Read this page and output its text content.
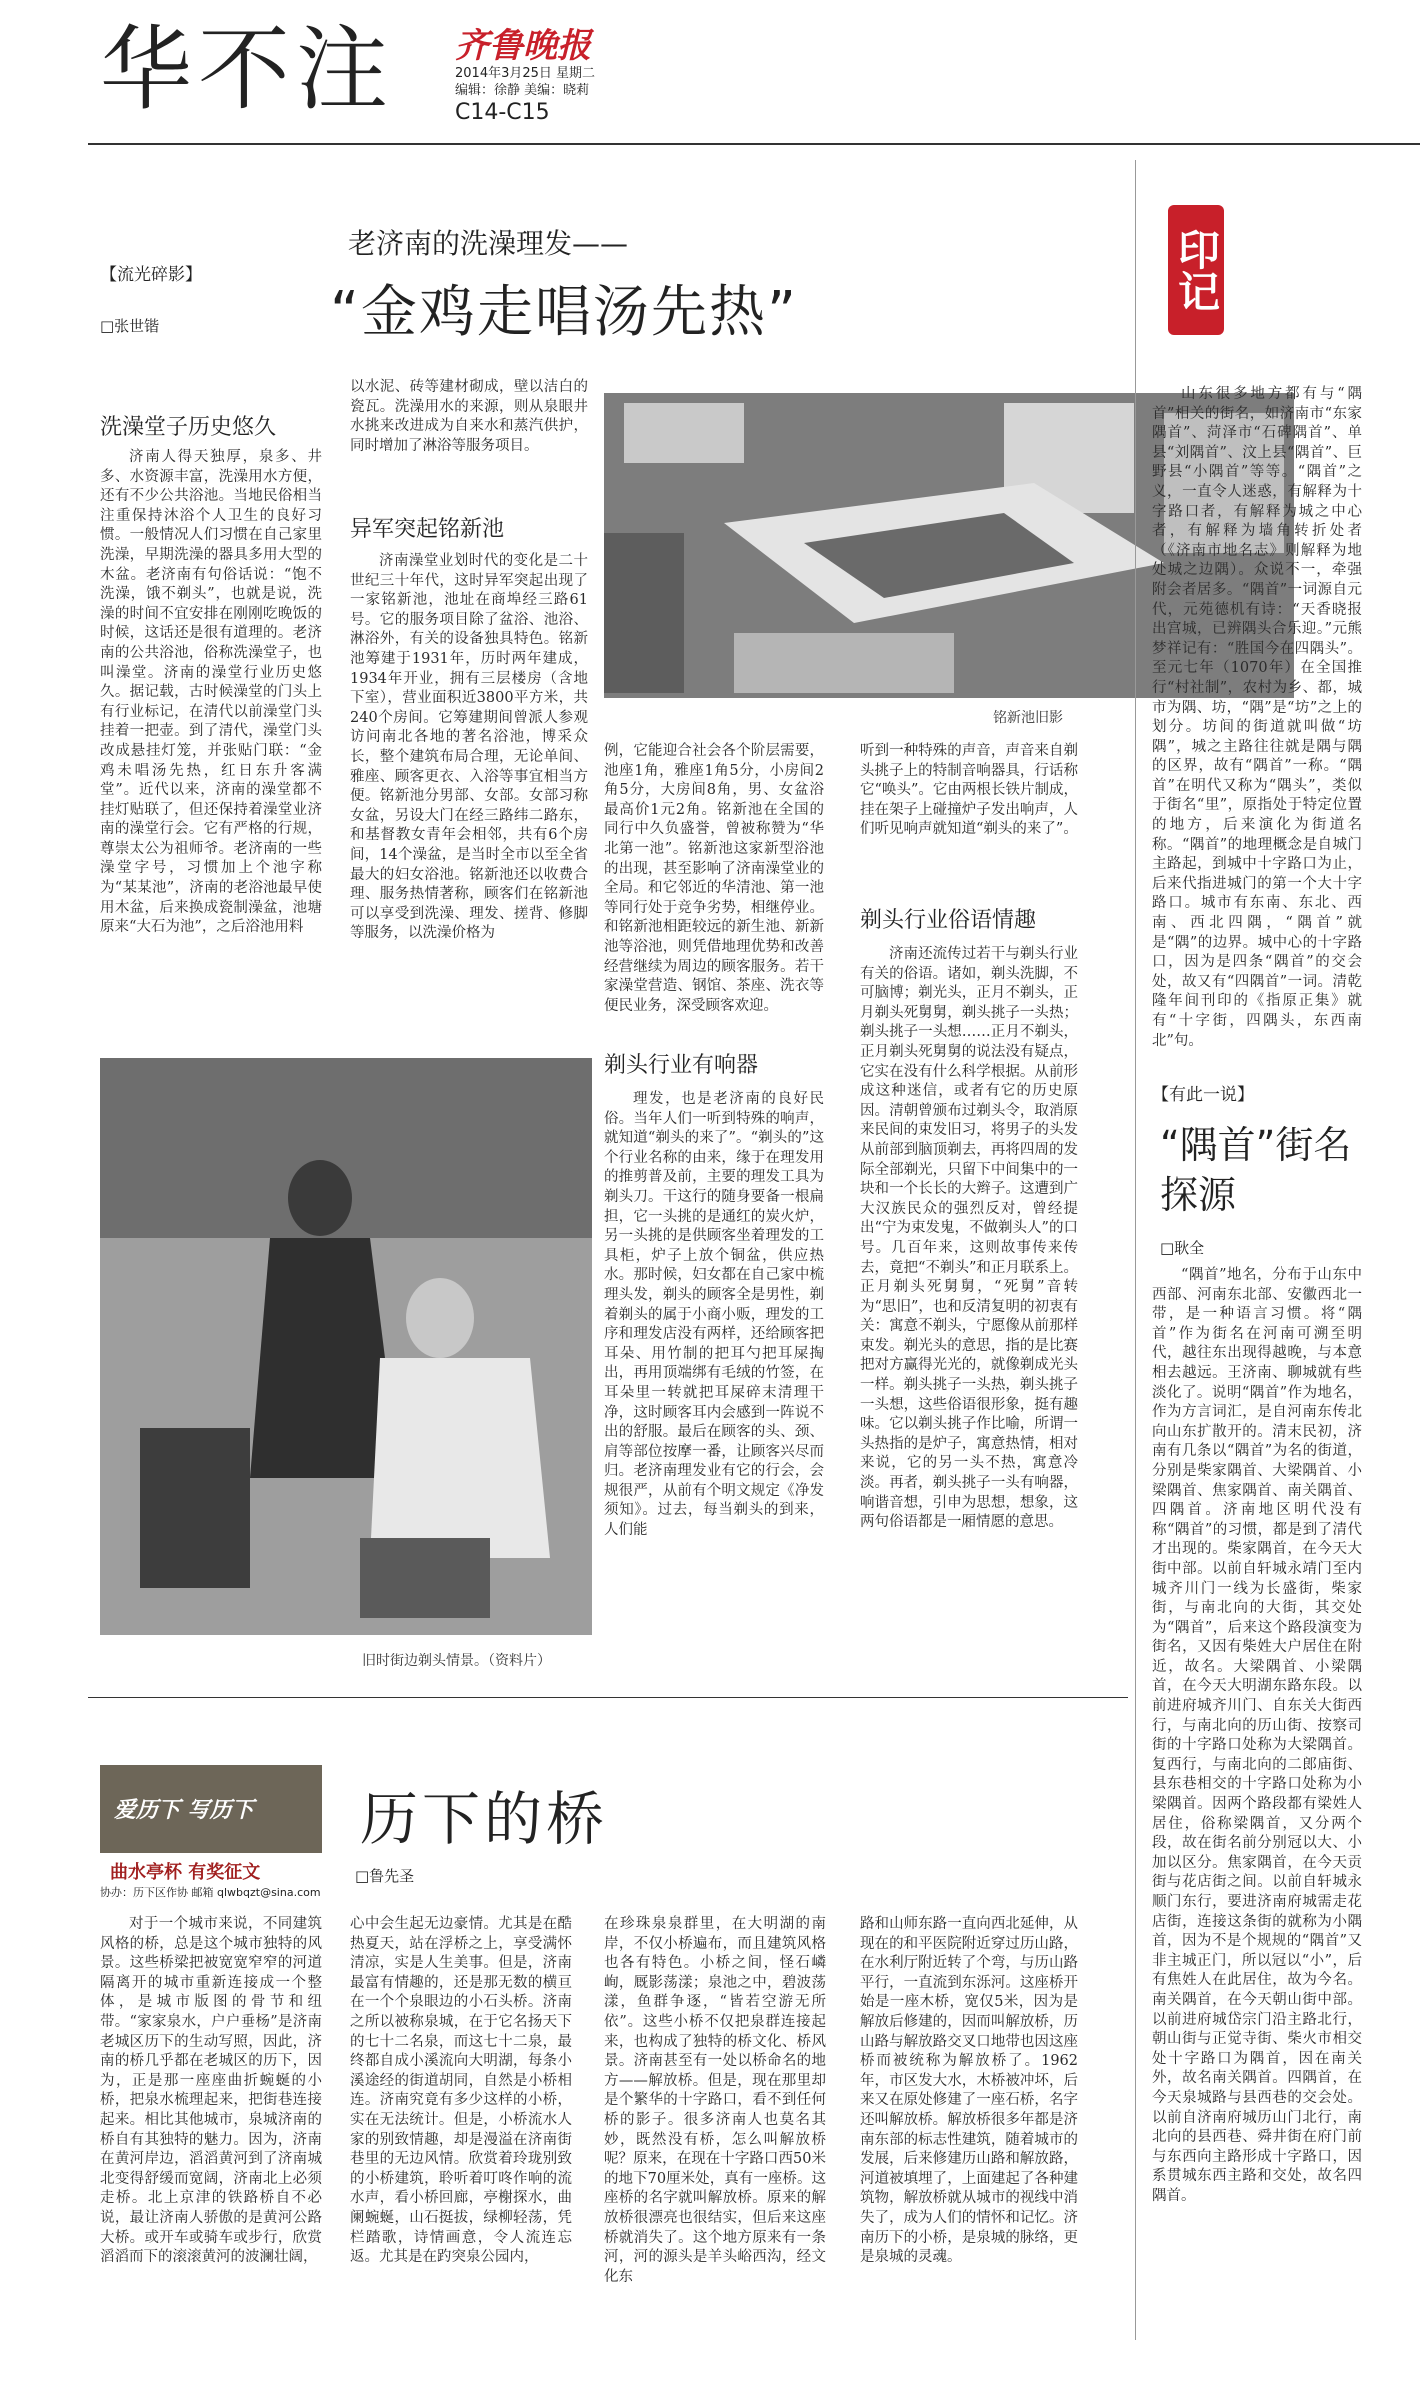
华不注 齐鲁晚报
2014年3月25日 星期二
编辑：徐静 美编：晓莉
C14-C15
【流光碎影】
□张世锴
老济南的洗澡理发——
“金鸡走唱汤先热”
洗澡堂子历史悠久

济南人得天独厚，泉多、井多、水资源丰富，洗澡用水方便，还有不少公共浴池。当地民俗相当注重保持沐浴个人卫生的良好习惯。一般情况人们习惯在自己家里洗澡，早期洗澡的器具多用大型的木盆。老济南有句俗话说：“饱不洗澡，饿不剃头”，也就是说，洗澡的时间不宜安排在刚刚吃晚饭的时候，这话还是很有道理的。老济南的公共浴池，俗称洗澡堂子，也叫澡堂。济南的澡堂行业历史悠久。据记载，古时候澡堂的门头上有行业标记，在清代以前澡堂门头挂着一把壶。到了清代，澡堂门头改成悬挂灯笼，并张贴门联：“金鸡未唱汤先热，红日东升客满堂”。近代以来，济南的澡堂都不挂灯贴联了，但还保持着澡堂业济南的澡堂行会。它有严格的行规，尊崇太公为祖师爷。老济南的一些澡堂字号，习惯加上个池字称为“某某池”，济南的老浴池最早使用木盆，后来换成瓷制澡盆，池塘原来“大石为池”，之后浴池用料

以水泥、砖等建材砌成，壁以洁白的瓷瓦。洗澡用水的来源，则从泉眼井水挑来改进成为自来水和蒸汽供护，同时增加了淋浴等服务项目。

异军突起铭新池

济南澡堂业划时代的变化是二十世纪三十年代，这时异军突起出现了一家铭新池，池址在商埠经三路61号。它的服务项目除了盆浴、池浴、淋浴外，有关的设备独具特色。铭新池筹建于1931年，历时两年建成，1934年开业，拥有三层楼房（含地下室），营业面积近3800平方米，共240个房间。它筹建期间曾派人参观访问南北各地的著名浴池，博采众长，整个建筑布局合理，无论单间、雅座、顾客更衣、入浴等事宜相当方便。铭新池分男部、女部。女部习称女盆，另设大门在经三路纬二路东，和基督教女青年会相邻，共有6个房间，14个澡盆，是当时全市以至全省最大的妇女浴池。铭新池还以收费合理、服务热情著称，顾客们在铭新池可以享受到洗澡、理发、搓背、修脚等服务，以洗澡价格为

铭新池旧影

例，它能迎合社会各个阶层需要，池座1角，雅座1角5分，小房间2角5分，大房间8角，男、女盆浴最高价1元2角。铭新池在全国的同行中久负盛誉，曾被称赞为“华北第一池”。铭新池这家新型浴池的出现，甚至影响了济南澡堂业的全局。和它邻近的华清池、第一池等同行处于竞争劣势，相继停业。和铭新池相距较远的新生池、新新池等浴池，则凭借地理优势和改善经营继续为周边的顾客服务。若干家澡堂营造、钢馆、茶座、洗衣等便民业务，深受顾客欢迎。

听到一种特殊的声音，声音来自剃头挑子上的特制音响器具，行话称它“唤头”。它由两根长铁片制成，挂在架子上碰撞炉子发出响声，人们听见响声就知道“剃头的来了”。

剃头行业俗语情趣

济南还流传过若干与剃头行业有关的俗语。诸如，剃头洗脚，不可脑博；剃光头，正月不剃头，正月剃头死舅舅，剃头挑子一头热；剃头挑子一头想……正月不剃头，正月剃头死舅舅的说法没有疑点，它实在没有什么科学根据。从前形成这种迷信，或者有它的历史原因。清朝曾颁布过剃头令，取消原来民间的束发旧习，将男子的头发从前部到脑顶剃去，再将四周的发际全部剃光，只留下中间集中的一块和一个长长的大辫子。这遭到广大汉族民众的强烈反对，曾经提出“宁为束发鬼，不做剃头人”的口号。几百年来，这则故事传来传去，竟把“不剃头”和正月联系上。正月剃头死舅舅，“死舅”音转为“思旧”，也和反清复明的初衷有关：寓意不剃头，宁愿像从前那样束发。剃光头的意思，指的是比赛把对方赢得光光的，就像剃成光头一样。剃头挑子一头热，剃头挑子一头想，这些俗语很形象，挺有趣味。它以剃头挑子作比喻，所谓一头热指的是炉子，寓意热情，相对来说，它的另一头不热，寓意冷淡。再者，剃头挑子一头有响器，响谐音想，引申为思想，想象，这两句俗语都是一厢情愿的意思。

旧时街边剃头情景。（资料片）
剃头行业有响器

理发，也是老济南的良好民俗。当年人们一听到特殊的响声，就知道“剃头的来了”。“剃头的”这个行业名称的由来，缘于在理发用的推剪普及前，主要的理发工具为剃头刀。干这行的随身要备一根扁担，它一头挑的是通红的炭火炉，另一头挑的是供顾客坐着理发的工具柜，炉子上放个铜盆，供应热水。那时候，妇女都在自己家中梳理头发，剃头的顾客全是男性，剃着剃头的属于小商小贩，理发的工序和理发店没有两样，还给顾客把耳朵、用竹制的把耳勺把耳屎掏出，再用顶端绑有毛绒的竹签，在耳朵里一转就把耳屎碎末清理干净，这时顾客耳内会感到一阵说不出的舒服。最后在顾客的头、颈、肩等部位按摩一番，让顾客兴尽而归。老济南理发业有它的行会，会规很严，从前有个明文规定《净发须知》。过去，每当剃头的到来，人们能

印记

山东很多地方都有与“隅首”相关的街名，如济南市“东家隅首”、菏泽市“石碑隅首”、单县“刘隅首”、汶上县“隅首”、巨野县“小隅首”等等。“隅首”之义，一直令人迷惑，有解释为十字路口者，有解释为城之中心者，有解释为墙角转折处者（《济南市地名志》则解释为地处城之边隅）。众说不一，牵强附会者居多。“隅首”一词源自元代，元苑德机有诗：“天香晓报出宫城，已辨隅头合乐迎。”元熊梦祥记有：“胜国今在四隅头”。至元七年（1070年）在全国推行“村社制”，农村为乡、都，城市为隅、坊，“隅”是“坊”之上的划分。坊间的街道就叫做“坊隅”，城之主路往往就是隅与隅的区界，故有“隅首”一称。“隅首”在明代又称为“隅头”，类似于街名“里”，原指处于特定位置的地方，后来演化为街道名称。“隅首”的地理概念是自城门主路起，到城中十字路口为止，后来代指进城门的第一个大十字路口。城市有东南、东北、西南、西北四隅，“隅首”就是“隅”的边界。城中心的十字路口，因为是四条“隅首”的交会处，故又有“四隅首”一词。清乾隆年间刊印的《指原正集》就有“十字街，四隅头，东西南北”句。

【有此一说】
“隅首”街名探源
□耿全

“隅首”地名，分布于山东中西部、河南东北部、安徽西北一带，是一种语言习惯。将“隅首”作为街名在河南可溯至明代，越往东出现得越晚，与本意相去越远。王济南、聊城就有些淡化了。说明“隅首”作为地名，作为方言词汇，是自河南东传北向山东扩散开的。清末民初，济南有几条以“隅首”为名的街道，分别是柴家隅首、大梁隅首、小梁隅首、焦家隅首、南关隅首、四隅首。济南地区明代没有称“隅首”的习惯，都是到了清代才出现的。柴家隅首，在今天大街中部。以前自轩城永靖门至内城齐川门一线为长盛街，柴家街，与南北向的大街，其交处为“隅首”，后来这个路段演变为街名，又因有柴姓大户居住在附近，故名。大梁隅首、小梁隅首，在今天大明湖东路东段。以前进府城齐川门、自东关大街西行，与南北向的历山街、按察司街的十字路口处称为大梁隅首。复西行，与南北向的二郎庙街、县东巷相交的十字路口处称为小梁隅首。因两个路段都有梁姓人居住，俗称梁隅首，又分两个段，故在街名前分别冠以大、小加以区分。焦家隅首，在今天贡街与花店街之间。以前自轩城永顺门东行，要进济南府城需走花店街，连接这条街的就称为小隅首，因为不是个规规的“隅首”又非主城正门，所以冠以“小”，后有焦姓人在此居住，故为今名。南关隅首，在今天朝山街中部。以前进府城岱宗门沿主路北行，朝山街与正觉寺街、柴火市相交处十字路口为隅首，因在南关外，故名南关隅首。四隅首，在今天泉城路与县西巷的交会处。以前自济南府城历山门北行，南北向的县西巷、舜井街在府门前与东西向主路形成十字路口，因系贯城东西主路和交处，故名四隅首。

爱历下 写历下
曲水亭杯 有奖征文
协办：历下区作协 邮箱 qlwbqzt@sina.com
历下的桥
□鲁先圣

对于一个城市来说，不同建筑风格的桥，总是这个城市独特的风景。这些桥梁把被宽宽窄窄的河道隔离开的城市重新连接成一个整体，是城市版图的骨节和纽带。“家家泉水，户户垂杨”是济南老城区历下的生动写照，因此，济南的桥几乎都在老城区的历下，因为，正是那一座座曲折蜿蜒的小桥，把泉水梳理起来，把街巷连接起来。相比其他城市，泉城济南的桥自有其独特的魅力。因为，济南在黄河岸边，滔滔黄河到了济南城北变得舒缓而宽阔，济南北上必须走桥。北上京津的铁路桥自不必说，最让济南人骄傲的是黄河公路大桥。或开车或骑车或步行，欣赏滔滔而下的滚滚黄河的波澜壮阔，

心中会生起无边豪情。尤其是在酷热夏天，站在浮桥之上，享受满怀清凉，实是人生美事。但是，济南最富有情趣的，还是那无数的横亘在一个个泉眼边的小石头桥。济南之所以被称泉城，在于它名扬天下的七十二名泉，而这七十二泉，最终都自成小溪流向大明湖，每条小溪途经的街道胡同，自然是小桥相连。济南究竟有多少这样的小桥，实在无法统计。但是，小桥流水人家的别致情趣，却是漫溢在济南街巷里的无边风情。欣赏着玲珑别致的小桥建筑，聆听着叮咚作响的流水声，看小桥回廊，亭榭探水，曲阑蜿蜒，山石挺拔，绿柳轻荡，凭栏踏歌，诗情画意，令人流连忘返。尤其是在趵突泉公园内，

在珍珠泉泉群里，在大明湖的南岸，不仅小桥遍布，而且建筑风格也各有特色。小桥之间，怪石嶙峋，厩影荡漾；泉池之中，碧波荡漾，鱼群争逐，“皆若空游无所依”。这些小桥不仅把泉群连接起来，也构成了独特的桥文化、桥风景。济南甚至有一处以桥命名的地方——解放桥。但是，现在那里却是个繁华的十字路口，看不到任何桥的影子。很多济南人也莫名其妙，既然没有桥，怎么叫解放桥呢？原来，在现在十字路口西50米的地下70厘米处，真有一座桥。这座桥的名字就叫解放桥。原来的解放桥很漂亮也很结实，但后来这座桥就消失了。这个地方原来有一条河，河的源头是羊头峪西沟，经文化东

路和山师东路一直向西北延伸，从现在的和平医院附近穿过历山路，在水利厅附近转了个弯，与历山路平行，一直流到东泺河。这座桥开始是一座木桥，宽仅5米，因为是解放后修建的，因而叫解放桥，历山路与解放路交叉口地带也因这座桥而被统称为解放桥了。1962年，市区发大水，木桥被冲坏，后来又在原处修建了一座石桥，名字还叫解放桥。解放桥很多年都是济南东部的标志性建筑，随着城市的发展，后来修建历山路和解放路，河道被填埋了，上面建起了各种建筑物，解放桥就从城市的视线中消失了，成为人们的情怀和记忆。济南历下的小桥，是泉城的脉络，更是泉城的灵魂。
